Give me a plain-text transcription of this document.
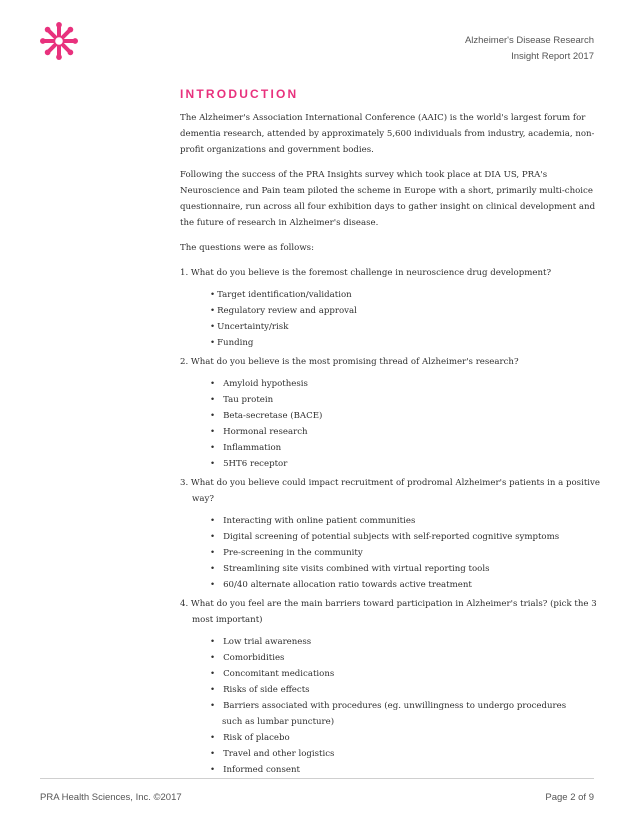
Alzheimer's Disease Research
Insight Report 2017
INTRODUCTION

The Alzheimer's Association International Conference (AAIC) is the world's largest forum for dementia research, attended by approximately 5,600 individuals from industry, academia, non-profit organizations and government bodies.

Following the success of the PRA Insights survey which took place at DIA US, PRA's Neuroscience and Pain team piloted the scheme in Europe with a short, primarily multi-choice questionnaire, run across all four exhibition days to gather insight on clinical development and the future of research in Alzheimer's disease.

The questions were as follows:

1. What do you believe is the foremost challenge in neuroscience drug development?
• Target identification/validation
• Regulatory review and approval
• Uncertainty/risk
• Funding
2. What do you believe is the most promising thread of Alzheimer's research?
• Amyloid hypothesis
• Tau protein
• Beta-secretase (BACE)
• Hormonal research
• Inflammation
• 5HT6 receptor
3. What do you believe could impact recruitment of prodromal Alzheimer's patients in a positive way?
• Interacting with online patient communities
• Digital screening of potential subjects with self-reported cognitive symptoms
• Pre-screening in the community
• Streamlining site visits combined with virtual reporting tools
• 60/40 alternate allocation ratio towards active treatment
4. What do you feel are the main barriers toward participation in Alzheimer's trials? (pick the 3 most important)
• Low trial awareness
• Comorbidities
• Concomitant medications
• Risks of side effects
• Barriers associated with procedures (eg. unwillingness to undergo procedures
such as lumbar puncture)
• Risk of placebo
• Travel and other logistics
• Informed consent
PRA Health Sciences, Inc. ©2017	Page 2 of 9
